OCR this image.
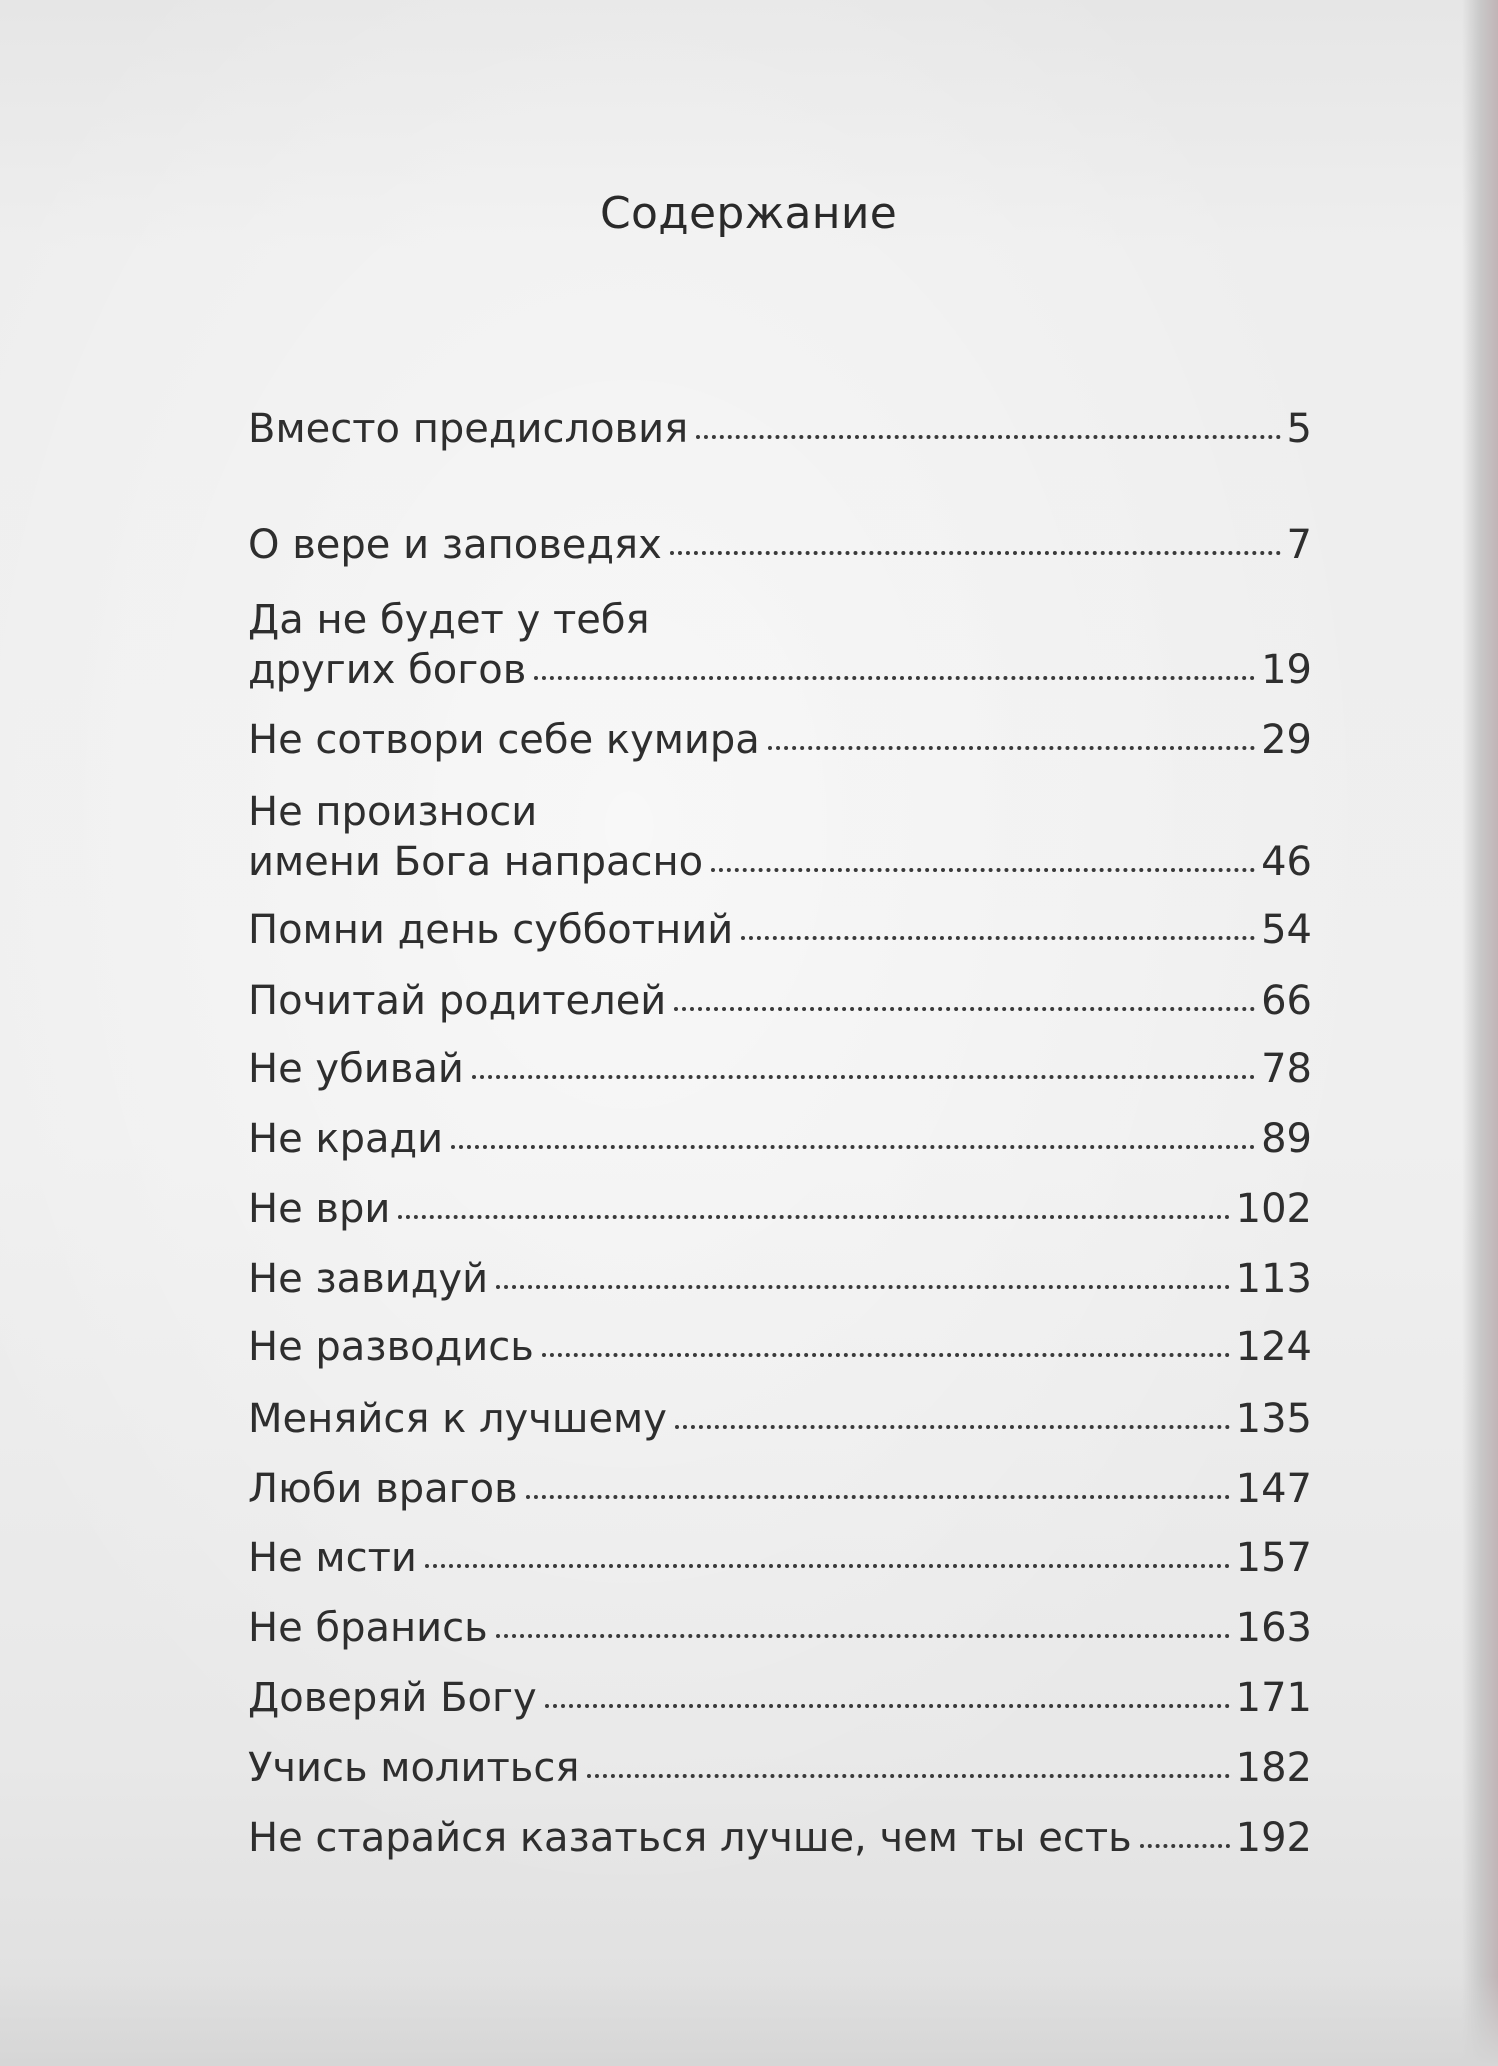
Содержание
Вместо предисловия	5
О вере и заповедях	7
Да не будет у тебя
других богов	19
Не сотвори себе кумира	29
Не произноси
имени Бога напрасно	46
Помни день субботний	54
Почитай родителей	66
Не убивай	78
Не кради	89
Не ври	102
Не завидуй	113
Не разводись	124
Меняйся к лучшему	135
Люби врагов	147
Не мсти	157
Не бранись	163
Доверяй Богу	171
Учись молиться	182
Не старайся казаться лучше, чем ты есть	192
